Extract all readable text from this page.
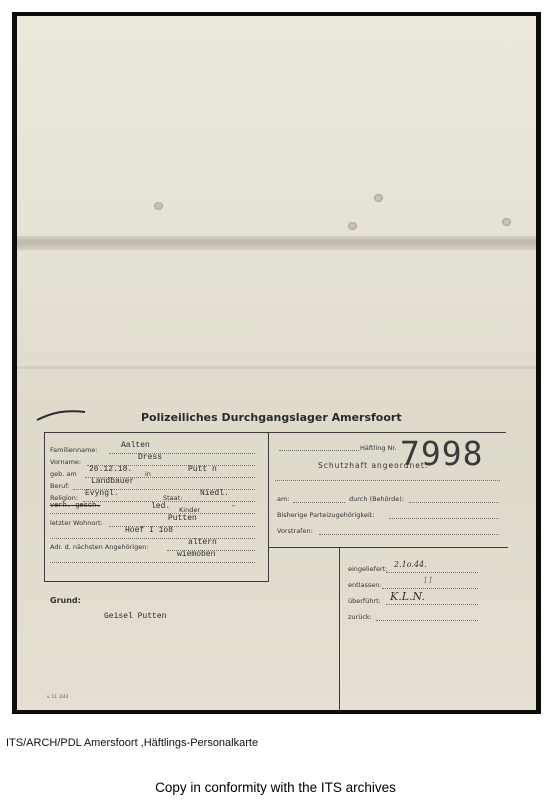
Polizeiliches Durchgangslager Amersfoort
Häftling Nr. 7998
Familienname:	Aalten
Vorname:	Dress
geb. am 26.12.18. in	Putt n
Beruf:	Landbauer
Religion: Evyngl.	Staat: Niedl.
verh. gesch.	led. Kinder	-
letzter Wohnort:	Putten
Hoef I 1o8
Adr. d. nächsten Angehörigen:	altern
wiemoben
Schutzhaft angeordnet:
am:	durch (Behörde):
Bisherige Parteizugehörigkeit:
Vorstrafen:
eingeliefert: 2.1o.44.
entlassen:	11
überführt: K.L.N.
zurück:
Grund:
Geisel Putten
v. 11. 2/43
ITS/ARCH/PDL Amersfoort ,Häftlings-Personalkarte
Copy in conformity with the ITS archives
